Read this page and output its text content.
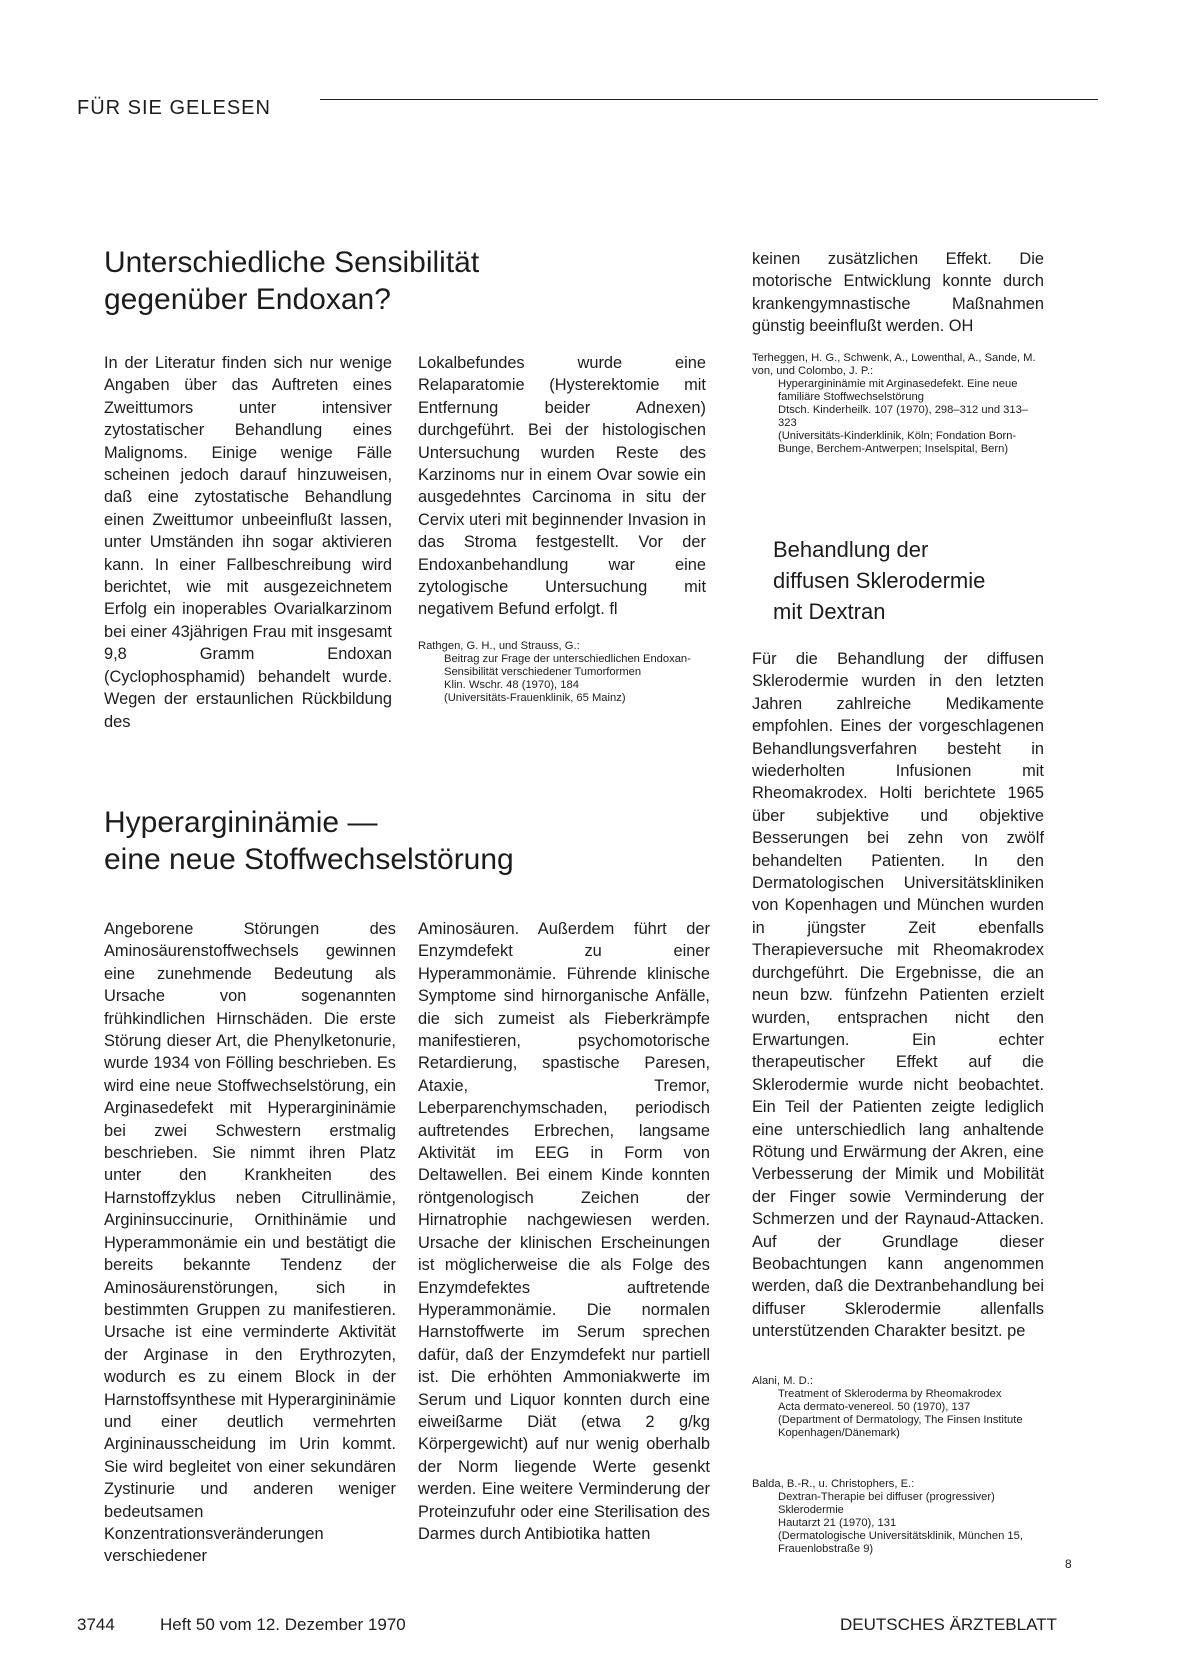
FÜR SIE GELESEN
Unterschiedliche Sensibilität
gegenüber Endoxan?

In der Literatur finden sich nur wenige Angaben über das Auftreten eines Zweittumors unter intensiver zytostatischer Behandlung eines Malignoms. Einige wenige Fälle scheinen jedoch darauf hinzuweisen, daß eine zytostatische Behandlung einen Zweittumor unbeeinflußt lassen, unter Umständen ihn sogar aktivieren kann. In einer Fallbeschreibung wird berichtet, wie mit ausgezeichnetem Erfolg ein inoperables Ovarialkarzinom bei einer 43jährigen Frau mit insgesamt 9,8 Gramm Endoxan (Cyclophosphamid) behandelt wurde. Wegen der erstaunlichen Rückbildung des

Lokalbefundes wurde eine Relaparatomie (Hysterektomie mit Entfernung beider Adnexen) durchgeführt. Bei der histologischen Untersuchung wurden Reste des Karzinoms nur in einem Ovar sowie ein ausgedehntes Carcinoma in situ der Cervix uteri mit beginnender Invasion in das Stroma festgestellt. Vor der Endoxanbehandlung war eine zytologische Untersuchung mit negativem Befund erfolgt. fl

Rathgen, G. H., und Strauss, G.:
Beitrag zur Frage der unterschiedlichen Endoxan-Sensibilität verschiedener Tumorformen
Klin. Wschr. 48 (1970), 184
(Universitäts-Frauenklinik, 65 Mainz)
Hyperargininämie —
eine neue Stoffwechselstörung

Angeborene Störungen des Aminosäurenstoffwechsels gewinnen eine zunehmende Bedeutung als Ursache von sogenannten frühkindlichen Hirnschäden. Die erste Störung dieser Art, die Phenylketonurie, wurde 1934 von Fölling beschrieben. Es wird eine neue Stoffwechselstörung, ein Arginasedefekt mit Hyperargininämie bei zwei Schwestern erstmalig beschrieben. Sie nimmt ihren Platz unter den Krankheiten des Harnstoffzyklus neben Citrullinämie, Argininsuccinurie, Ornithinämie und Hyperammonämie ein und bestätigt die bereits bekannte Tendenz der Aminosäurenstörungen, sich in bestimmten Gruppen zu manifestieren. Ursache ist eine verminderte Aktivität der Arginase in den Erythrozyten, wodurch es zu einem Block in der Harnstoffsynthese mit Hyperargininämie und einer deutlich vermehrten Argininausscheidung im Urin kommt. Sie wird begleitet von einer sekundären Zystinurie und anderen weniger bedeutsamen Konzentrationsveränderungen verschiedener

Aminosäuren. Außerdem führt der Enzymdefekt zu einer Hyperammonämie. Führende klinische Symptome sind hirnorganische Anfälle, die sich zumeist als Fieberkrämpfe manifestieren, psychomotorische Retardierung, spastische Paresen, Ataxie, Tremor, Leberparenchymschaden, periodisch auftretendes Erbrechen, langsame Aktivität im EEG in Form von Deltawellen. Bei einem Kinde konnten röntgenologisch Zeichen der Hirnatrophie nachgewiesen werden. Ursache der klinischen Erscheinungen ist möglicherweise die als Folge des Enzymdefektes auftretende Hyperammonämie. Die normalen Harnstoffwerte im Serum sprechen dafür, daß der Enzymdefekt nur partiell ist. Die erhöhten Ammoniakwerte im Serum und Liquor konnten durch eine eiweißarme Diät (etwa 2 g/kg Körpergewicht) auf nur wenig oberhalb der Norm liegende Werte gesenkt werden. Eine weitere Verminderung der Proteinzufuhr oder eine Sterilisation des Darmes durch Antibiotika hatten

keinen zusätzlichen Effekt. Die motorische Entwicklung konnte durch krankengymnastische Maßnahmen günstig beeinflußt werden. OH

Terheggen, H. G., Schwenk, A., Lowenthal, A., Sande, M. von, und Colombo, J. P.:
Hyperargininämie mit Arginasedefekt. Eine neue familiäre Stoffwechselstörung
Dtsch. Kinderheilk. 107 (1970), 298–312 und 313–323
(Universitäts-Kinderklinik, Köln; Fondation Born-Bunge, Berchem-Antwerpen; Inselspital, Bern)
Behandlung der
diffusen Sklerodermie
mit Dextran

Für die Behandlung der diffusen Sklerodermie wurden in den letzten Jahren zahlreiche Medikamente empfohlen. Eines der vorgeschlagenen Behandlungsverfahren besteht in wiederholten Infusionen mit Rheomakrodex. Holti berichtete 1965 über subjektive und objektive Besserungen bei zehn von zwölf behandelten Patienten. In den Dermatologischen Universitätskliniken von Kopenhagen und München wurden in jüngster Zeit ebenfalls Therapieversuche mit Rheomakrodex durchgeführt. Die Ergebnisse, die an neun bzw. fünfzehn Patienten erzielt wurden, entsprachen nicht den Erwartungen. Ein echter therapeutischer Effekt auf die Sklerodermie wurde nicht beobachtet. Ein Teil der Patienten zeigte lediglich eine unterschiedlich lang anhaltende Rötung und Erwärmung der Akren, eine Verbesserung der Mimik und Mobilität der Finger sowie Verminderung der Schmerzen und der Raynaud-Attacken. Auf der Grundlage dieser Beobachtungen kann angenommen werden, daß die Dextranbehandlung bei diffuser Sklerodermie allenfalls unterstützenden Charakter besitzt. pe

Alani, M. D.:
Treatment of Skleroderma by Rheomakrodex
Acta dermato-venereol. 50 (1970), 137
(Department of Dermatology, The Finsen Institute Kopenhagen/Dänemark)
Balda, B.-R., u. Christophers, E.:
Dextran-Therapie bei diffuser (progressiver) Sklerodermie
Hautarzt 21 (1970), 131
(Dermatologische Universitätsklinik, München 15, Frauenlobstraße 9)
8
3744	Heft 50 vom 12. Dezember 1970	DEUTSCHES ÄRZTEBLATT
